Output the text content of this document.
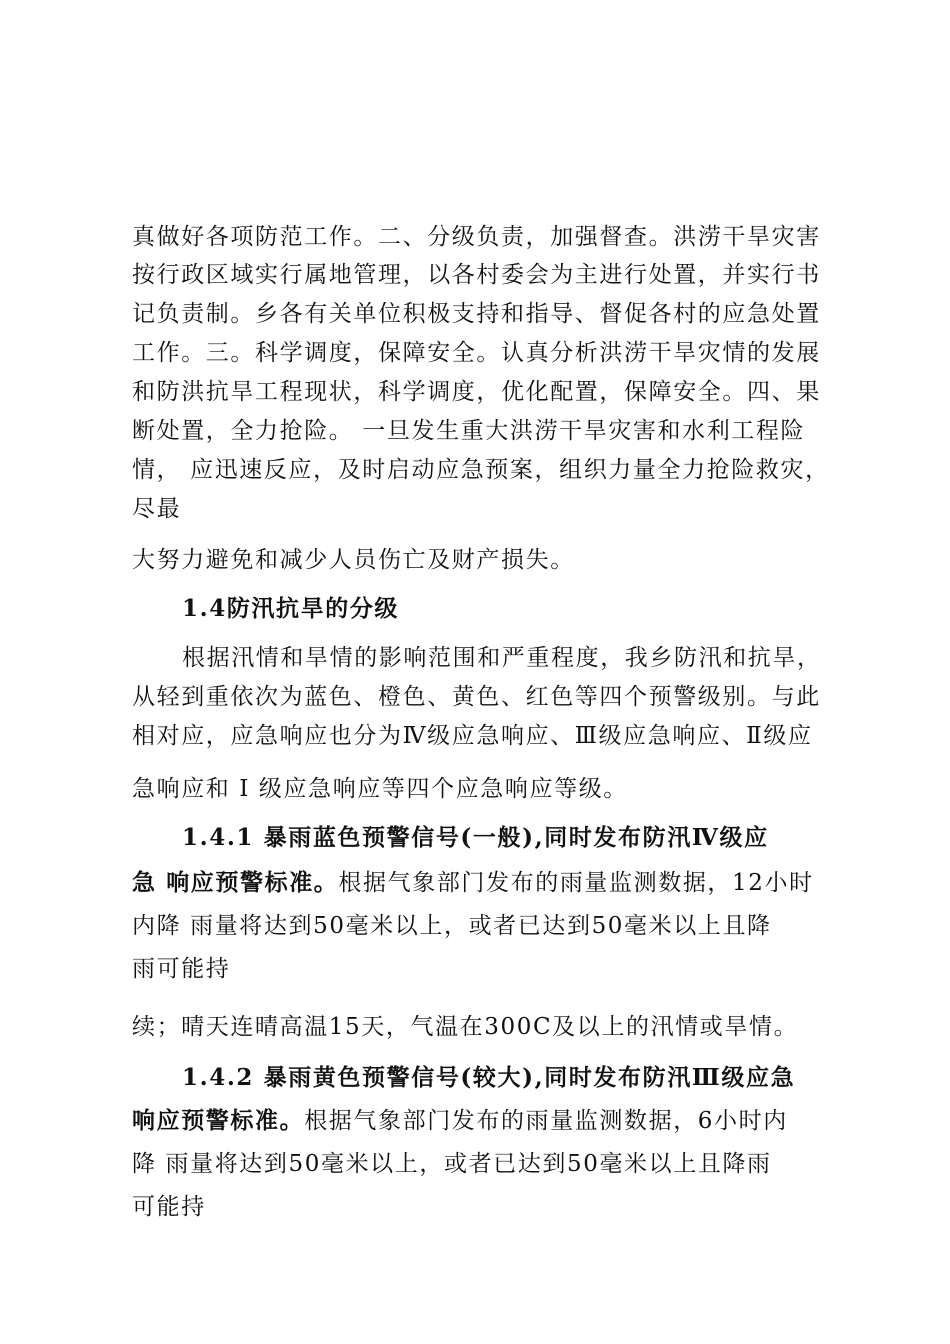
真做好各项防范工作。二、分级负责，加强督查。洪涝干旱灾害
按行政区域实行属地管理，以各村委会为主进行处置，并实行书
记负责制。乡各有关单位积极支持和指导、督促各村的应急处置
工作。三。科学调度，保障安全。认真分析洪涝干旱灾情的发展
和防洪抗旱工程现状，科学调度，优化配置，保障安全。四、果
断处置，全力抢险。 一旦发生重大洪涝干旱灾害和水利工程险
情， 应迅速反应，及时启动应急预案，组织力量全力抢险救灾，
尽最
大努力避免和减少人员伤亡及财产损失。
1.4防汛抗旱的分级
根据汛情和旱情的影响范围和严重程度，我乡防汛和抗旱，
从轻到重依次为蓝色、橙色、黄色、红色等四个预警级别。与此
相对应，应急响应也分为Ⅳ级应急响应、Ⅲ级应急响应、Ⅱ级应
急响应和 Ⅰ 级应急响应等四个应急响应等级。
1.4.1 暴雨蓝色预警信号(一般),同时发布防汛Ⅳ级应
急 响应预警标准。根据气象部门发布的雨量监测数据，12小时
内降 雨量将达到50毫米以上，或者已达到50毫米以上且降
雨可能持
续；晴天连晴高温15天，气温在300C及以上的汛情或旱情。
1.4.2 暴雨黄色预警信号(较大),同时发布防汛Ⅲ级应急
响应预警标准。根据气象部门发布的雨量监测数据，6小时内
降 雨量将达到50毫米以上，或者已达到50毫米以上且降雨
可能持
